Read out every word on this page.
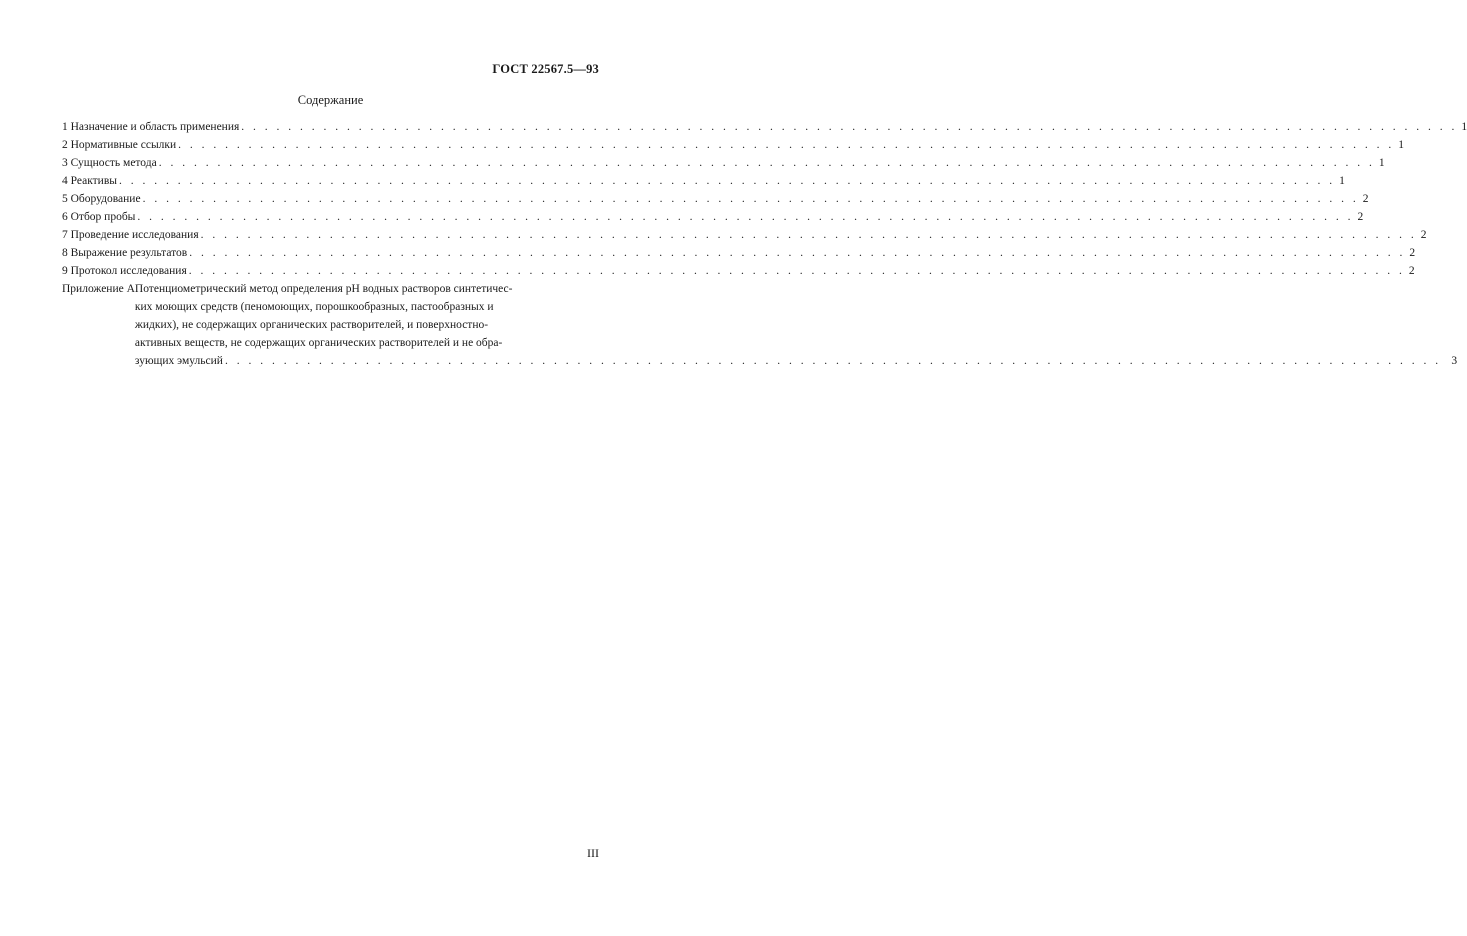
ГОСТ 22567.5—93
Содержание
1 Назначение и область применения . . .	1
2 Нормативные ссылки . . .	1
3 Сущность метода . . .	1
4 Реактивы . . .	1
5 Оборудование . . .	2
6 Отбор пробы . . .	2
7 Проведение исследования . . .	2
8 Выражение результатов . . .	2
9 Протокол исследования . . .	2
Приложение А Потенциометрический метод определения pH водных растворов синтетичес-
ких моющих средств (пеномоющих, порошкообразных, пастообразных и
жидких), не содержащих органических растворителей, и поверхностно-
активных веществ, не содержащих органических растворителей и не обра-
зующих эмульсий . . .	3
III
